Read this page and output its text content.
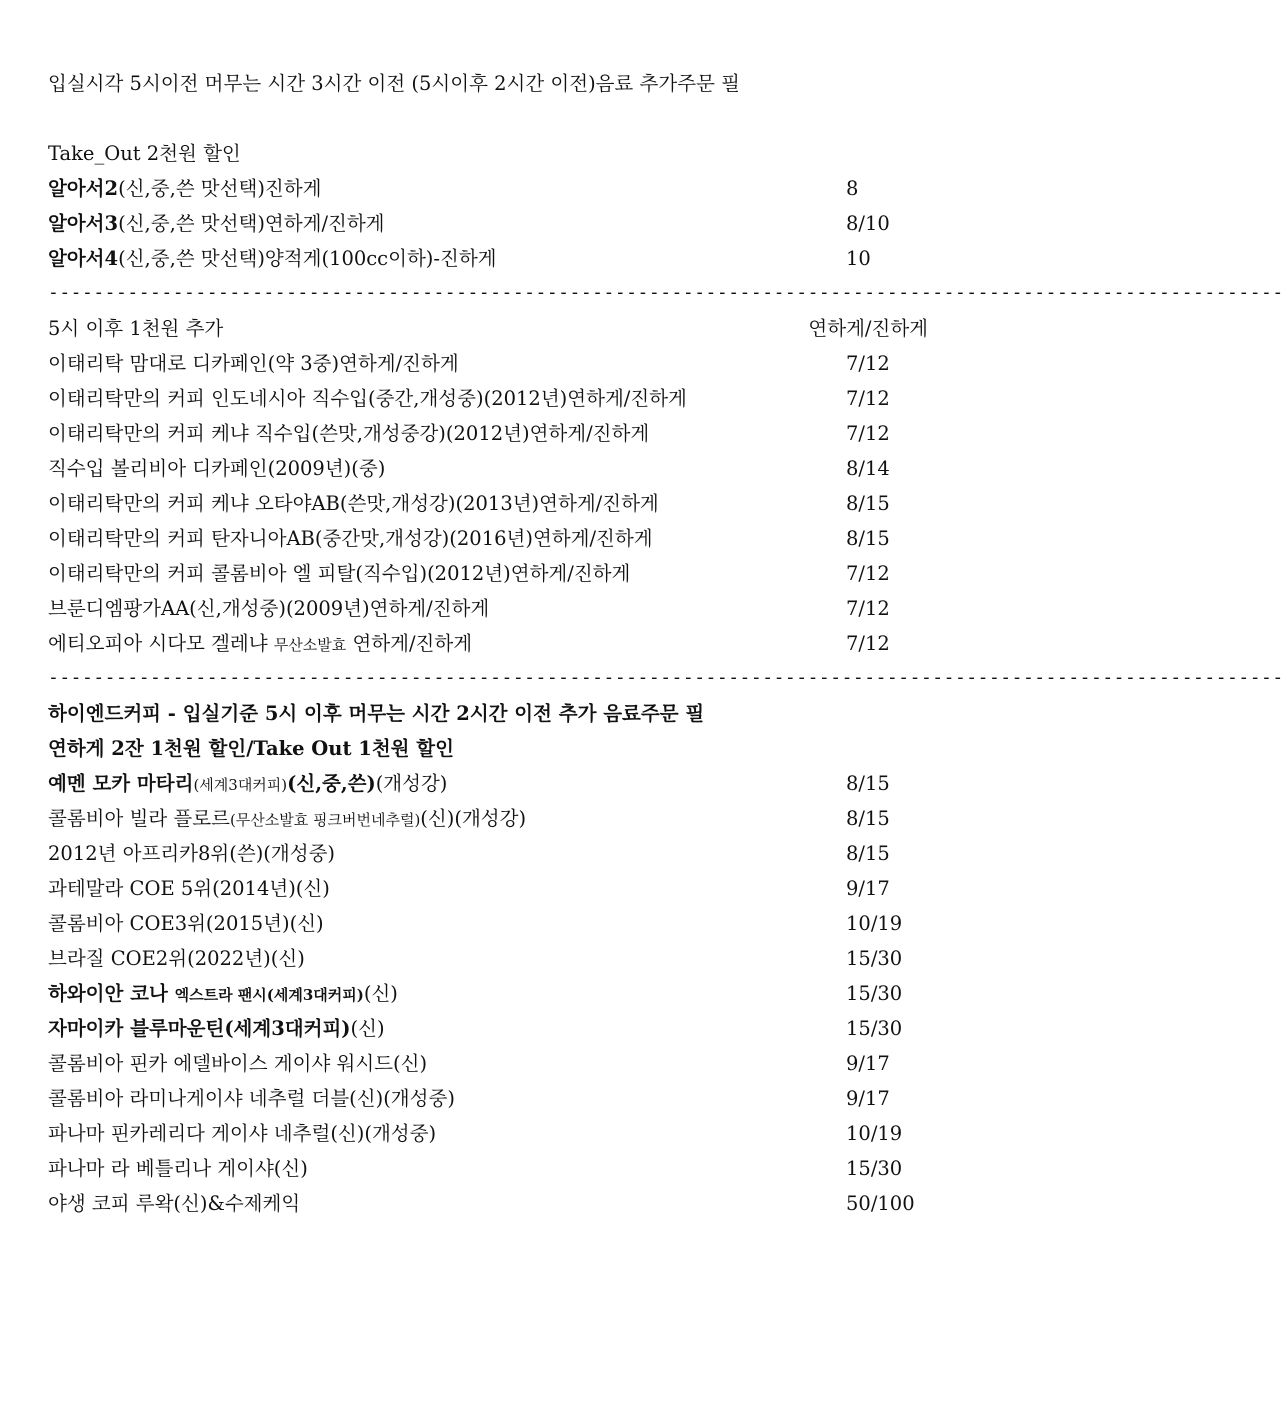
입실시각 5시이전 머무는 시간 3시간 이전 (5시이후 2시간 이전)음료 추가주문 필
Take_Out 2천원 할인
알아서2(신,중,쓴 맛선택)진하게	8
알아서3(신,중,쓴 맛선택)연하게/진하게	8/10
알아서4(신,중,쓴 맛선택)양적게(100cc이하)-진하게	10
-------------------------------------------------------------------------------------------------------------
5시 이후 1천원 추가	연하게/진하게
이태리탁 맘대로 디카페인(약 3중)연하게/진하게	7/12
이태리탁만의 커피 인도네시아 직수입(중간,개성중)(2012년)연하게/진하게	7/12
이태리탁만의 커피 케냐 직수입(쓴맛,개성중강)(2012년)연하게/진하게	7/12
직수입 볼리비아 디카페인(2009년)(중)	8/14
이태리탁만의 커피 케냐 오타야AB(쓴맛,개성강)(2013년)연하게/진하게	8/15
이태리탁만의 커피 탄자니아AB(중간맛,개성강)(2016년)연하게/진하게	8/15
이태리탁만의 커피 콜롬비아 엘 피탈(직수입)(2012년)연하게/진하게	7/12
브룬디엠팡가AA(신,개성중)(2009년)연하게/진하게	7/12
에티오피아 시다모 겔레냐 무산소발효 연하게/진하게	7/12
-------------------------------------------------------------------------------------------------------------
하이엔드커피 - 입실기준 5시 이후 머무는 시간 2시간 이전 추가 음료주문 필
연하게 2잔 1천원 할인/Take Out 1천원 할인
예멘 모카 마타리(세계3대커피)(신,중,쓴)(개성강)	8/15
콜롬비아 빌라 플로르(무산소발효 핑크버번네추럴)(신)(개성강)	8/15
2012년 아프리카8위(쓴)(개성중)	8/15
과테말라 COE 5위(2014년)(신)	9/17
콜롬비아 COE3위(2015년)(신)	10/19
브라질 COE2위(2022년)(신)	15/30
하와이안 코나 엑스트라 팬시(세계3대커피)(신)	15/30
자마이카 블루마운틴(세계3대커피)(신)	15/30
콜롬비아 핀카 에델바이스 게이샤 워시드(신)	9/17
콜롬비아 라미나게이샤 네추럴 더블(신)(개성중)	9/17
파나마 핀카레리다 게이샤 네추럴(신)(개성중)	10/19
파나마 라 베틀리나 게이샤(신)	15/30
야생 코피 루왁(신)&수제케익	50/100
